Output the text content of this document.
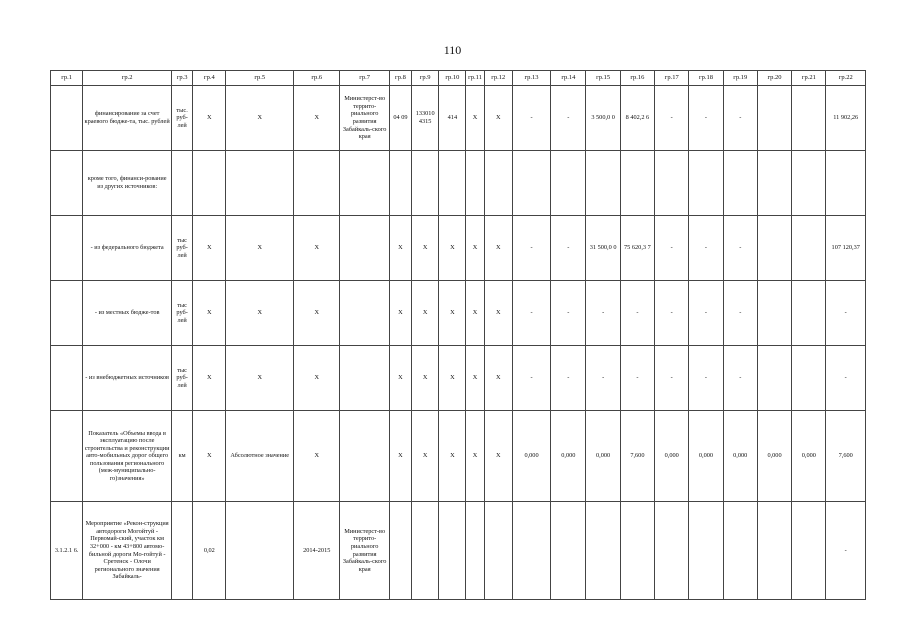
110
гр.1	гр.2	гр.3	гр.4	гр.5	гр.6	гр.7	гр.8	гр.9	гр.10	гр.11	гр.12	гр.13	гр.14	гр.15	гр.16	гр.17	гр.18	гр.19	гр.20	гр.21	гр.22
	финансирование за счет краевого бюдже-та, тыс. рублей	тыс. руб-лей	Х	Х	Х	Министерст-во террито-риального развития Забайкаль-ского края	04 09	133010 4315	414	Х	Х	-	-	3 500,0 0	8 402,2 6	-	-	-			11 902,26
	кроме того, финанси-рование из других источников:																				
	- из федерального бюджета	тыс руб-лей	Х	Х	Х		Х	Х	Х	Х	Х	-	-	31 500,0 0	75 620,3 7	-	-	-			107 120,37
	- из местных бюдже-тов	тыс руб-лей	Х	Х	Х		Х	Х	Х	Х	Х	-	-	-	-	-	-	-			-
	- из внебюджетных источников	тыс руб-лей	Х	Х	Х		Х	Х	Х	Х	Х	-	-	-	-	-	-	-			-
	Показатель «Объемы ввода в эксплуатацию после строительства и реконструкции авто-мобильных дорог общего пользования регионального (меж-муниципально-го)значения»	км	Х	Абсолютное значение	Х		Х	Х	Х	Х	Х	0,000	0,000	0,000	7,600	0,000	0,000	0,000	0,000	0,000	7,600
3.1.2.1 6.	Мероприятие «Рекон-струкция автодороги Могойтуй - Первомай-ский, участок км 32+000 - км 43+800 автомо-бильной дороги Мо-гойтуй - Сретенск - Олочи регионального значения Забайкаль-		0,02		2014-2015	Министерст-во террито-риального развития Забайкаль-ского края															-
